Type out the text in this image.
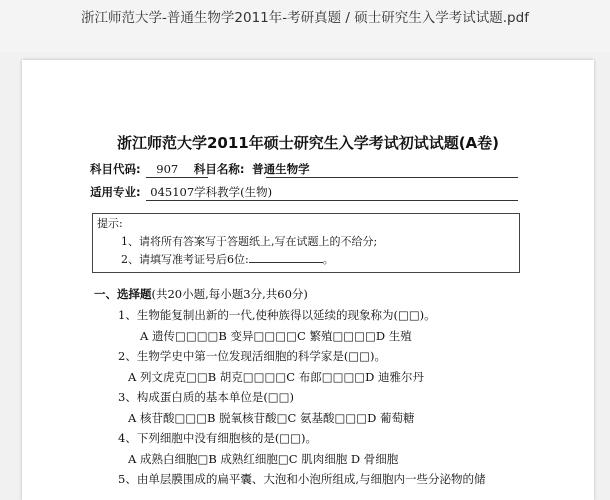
浙江师范大学-普通生物学2011年-考研真题 / 硕士研究生入学考试试题.pdf
浙江师范大学2011年硕士研究生入学考试初试试题(A卷)
科目代码: 907 科目名称: 普通生物学
适用专业: 045107学科教学(生物)
提示:
1、请将所有答案写于答题纸上,写在试题上的不给分;
2、请填写准考证号后6位:	。
一、选择题(共20小题,每小题3分,共60分)
1、生物能复制出新的一代,使种族得以延续的现象称为(□□)。
A 遗传□□□□B 变异□□□□C 繁殖□□□□D 生殖
2、生物学史中第一位发现活细胞的科学家是(□□)。
A 列文虎克□□B 胡克□□□□C 布郎□□□□D 迪雅尔丹
3、构成蛋白质的基本单位是(□□)
A 核苷酸□□□B 脱氧核苷酸□C 氨基酸□□□D 葡萄糖
4、下列细胞中没有细胞核的是(□□)。
A 成熟白细胞□B 成熟红细胞□C 肌肉细胞 D 骨细胞
5、由单层膜围成的扁平囊、大泡和小泡所组成,与细胞内一些分泌物的储
